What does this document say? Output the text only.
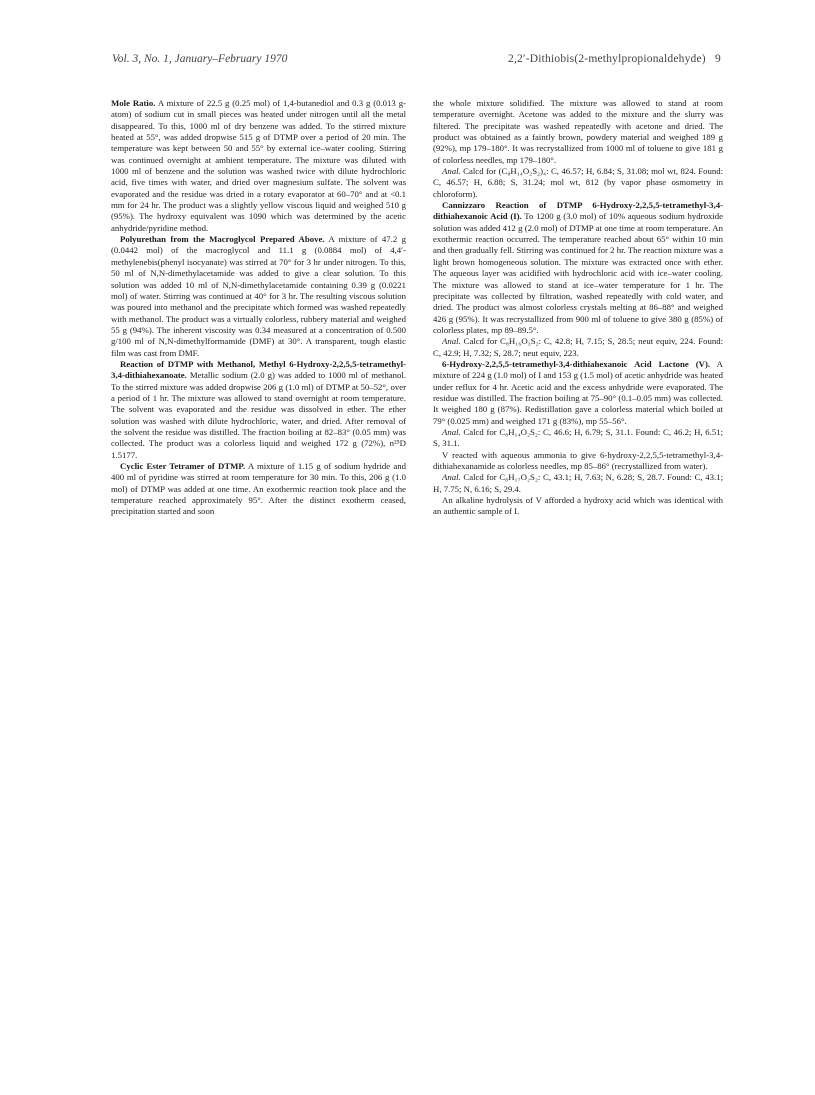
Vol. 3, No. 1, January–February 1970	2,2′-Dithiobis(2-methylpropionaldehyde) 9

Mole Ratio. A mixture of 22.5 g (0.25 mol) of 1,4-butanediol and 0.3 g (0.013 g-atom) of sodium cut in small pieces was heated under nitrogen until all the metal disappeared. To this, 1000 ml of dry benzene was added. To the stirred mixture heated at 55°, was added dropwise 515 g of DTMP over a period of 20 min. The temperature was kept between 50 and 55° by external ice–water cooling. Stirring was continued overnight at ambient temperature. The mixture was diluted with 1000 ml of benzene and the solution was washed twice with dilute hydrochloric acid, five times with water, and dried over magnesium sulfate. The solvent was evaporated and the residue was dried in a rotary evaporator at 60–70° and at <0.1 mm for 24 hr. The product was a slightly yellow viscous liquid and weighed 510 g (95%). The hydroxy equivalent was 1090 which was determined by the acetic anhydride/pyridine method.

Polyurethan from the Macroglycol Prepared Above. A mixture of 47.2 g (0.0442 mol) of the macroglycol and 11.1 g (0.0884 mol) of 4,4′-methylenebis(phenyl isocyanate) was stirred at 70° for 3 hr under nitrogen. To this, 50 ml of N,N-dimethylacetamide was added to give a clear solution. To this solution was added 10 ml of N,N-dimethylacetamide containing 0.39 g (0.0221 mol) of water. Stirring was continued at 40° for 3 hr. The resulting viscous solution was poured into methanol and the precipitate which formed was washed repeatedly with methanol. The product was a virtually colorless, rubbery material and weighed 55 g (94%). The inherent viscosity was 0.34 measured at a concentration of 0.500 g/100 ml of N,N-dimethylformamide (DMF) at 30°. A transparent, tough elastic film was cast from DMF.

Reaction of DTMP with Methanol, Methyl 6-Hydroxy-2,2,5,5-tetramethyl-3,4-dithiahexanoate. Metallic sodium (2.0 g) was added to 1000 ml of methanol. To the stirred mixture was added dropwise 206 g (1.0 ml) of DTMP at 50–52°, over a period of 1 hr. The mixture was allowed to stand overnight at room temperature. The solvent was evaporated and the residue was dissolved in ether. The ether solution was washed with dilute hydrochloric, water, and dried. After removal of the solvent the residue was distilled. The fraction boiling at 82–83° (0.05 mm) was collected. The product was a colorless liquid and weighed 172 g (72%), n²⁵D 1.5177.

Cyclic Ester Tetramer of DTMP. A mixture of 1.15 g of sodium hydride and 400 ml of pyridine was stirred at room temperature for 30 min. To this, 206 g (1.0 mol) of DTMP was added at one time. An exothermic reaction took place and the temperature reached approximately 95°. After the distinct exotherm ceased, precipitation started and soon

the whole mixture solidified. The mixture was allowed to stand at room temperature overnight. Acetone was added to the mixture and the slurry was filtered. The precipitate was washed repeatedly with acetone and dried. The product was obtained as a faintly brown, powdery material and weighed 189 g (92%), mp 179–180°. It was recrystallized from 1000 ml of toluene to give 181 g of colorless needles, mp 179–180°.

Anal. Calcd for (C₈H₁₄O₂S₂)₄: C, 46.57; H, 6.84; S, 31.08; mol wt, 824. Found: C, 46.57; H, 6.88; S, 31.24; mol wt, 812 (by vapor phase osmometry in chloroform).

Cannizzaro Reaction of DTMP 6-Hydroxy-2,2,5,5-tetramethyl-3,4-dithiahexanoic Acid (I). To 1200 g (3.0 mol) of 10% aqueous sodium hydroxide solution was added 412 g (2.0 mol) of DTMP at one time at room temperature. An exothermic reaction occurred. The temperature reached about 65° within 10 min and then gradually fell. Stirring was continued for 2 hr. The reaction mixture was a light brown homogeneous solution. The mixture was extracted once with ether. The aqueous layer was acidified with hydrochloric acid with ice–water cooling. The mixture was allowed to stand at ice–water temperature for 1 hr. The precipitate was collected by filtration, washed repeatedly with cold water, and dried. The product was almost colorless crystals melting at 86–88° and weighed 426 g (95%). It was recrystallized from 900 ml of toluene to give 380 g (85%) of colorless plates, mp 89–89.5°.

Anal. Calcd for C₈H₁₆O₃S₂: C, 42.8; H, 7.15; S, 28.5; neut equiv, 224. Found: C, 42.9; H, 7.32; S, 28.7; neut equiv, 223.

6-Hydroxy-2,2,5,5-tetramethyl-3,4-dithiahexanoic Acid Lactone (V). A mixture of 224 g (1.0 mol) of I and 153 g (1.5 mol) of acetic anhydride was heated under reflux for 4 hr. Acetic acid and the excess anhydride were evaporated. The residue was distilled. The fraction boiling at 75–90° (0.1–0.05 mm) was collected. It weighed 180 g (87%). Redistillation gave a colorless material which boiled at 79° (0.025 mm) and weighed 171 g (83%), mp 55–56°.

Anal. Calcd for C₈H₁₄O₂S₂: C, 46.6; H, 6.79; S, 31.1. Found: C, 46.2; H, 6.51; S, 31.1.

V reacted with aqueous ammonia to give 6-hydroxy-2,2,5,5-tetramethyl-3,4-dithiahexanamide as colorless needles, mp 85–86° (recrystallized from water).

Anal. Calcd for C₈H₁₇O₂S₂: C, 43.1; H, 7.63; N, 6.28; S, 28.7. Found: C, 43.1; H, 7.75; N, 6.16; S, 29.4.

An alkaline hydrolysis of V afforded a hydroxy acid which was identical with an authentic sample of I.
